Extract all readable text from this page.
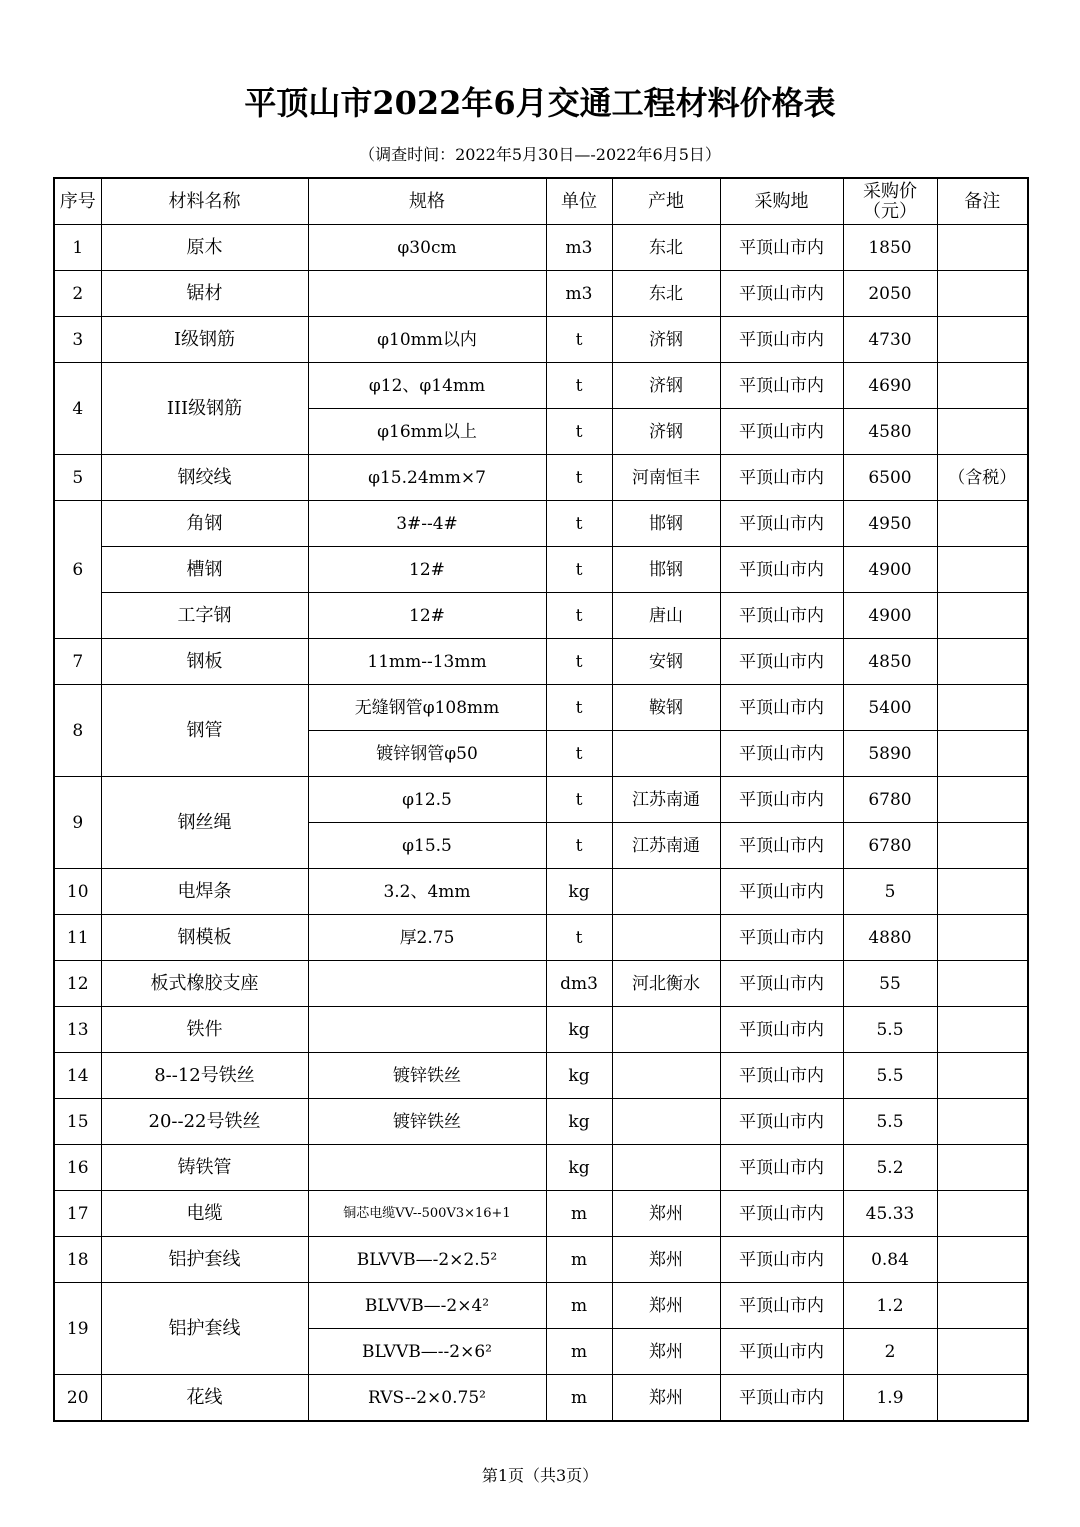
平顶山市2022年6月交通工程材料价格表
（调查时间：2022年5月30日—-2022年6月5日）
序号	材料名称	规格	单位	产地	采购地	采购价（元）	备注
1	原木	φ30cm	m3	东北	平顶山市内	1850	
2	锯材		m3	东北	平顶山市内	2050	
3	I级钢筋	φ10mm以内	t	济钢	平顶山市内	4730	
4	III级钢筋	φ12、φ14mm	t	济钢	平顶山市内	4690	
		φ16mm以上	t	济钢	平顶山市内	4580	
5	钢绞线	φ15.24mm×7	t	河南恒丰	平顶山市内	6500	（含税）
6	角钢	3#--4#	t	邯钢	平顶山市内	4950	
	槽钢	12#	t	邯钢	平顶山市内	4900	
	工字钢	12#	t	唐山	平顶山市内	4900	
7	钢板	11mm--13mm	t	安钢	平顶山市内	4850	
8	钢管	无缝钢管φ108mm	t	鞍钢	平顶山市内	5400	
		镀锌钢管φ50	t		平顶山市内	5890	
9	钢丝绳	φ12.5	t	江苏南通	平顶山市内	6780	
		φ15.5	t	江苏南通	平顶山市内	6780	
10	电焊条	3.2、4mm	kg		平顶山市内	5	
11	钢模板	厚2.75	t		平顶山市内	4880	
12	板式橡胶支座		dm3	河北衡水	平顶山市内	55	
13	铁件		kg		平顶山市内	5.5	
14	8--12号铁丝	镀锌铁丝	kg		平顶山市内	5.5	
15	20--22号铁丝	镀锌铁丝	kg		平顶山市内	5.5	
16	铸铁管		kg		平顶山市内	5.2	
17	电缆	铜芯电缆VV--500V3×16+1	m	郑州	平顶山市内	45.33	
18	铝护套线	BLVVB—-2×2.5²	m	郑州	平顶山市内	0.84	
19	铝护套线	BLVVB—-2×4²	m	郑州	平顶山市内	1.2	
		BLVVB—--2×6²	m	郑州	平顶山市内	2	
20	花线	RVS--2×0.75²	m	郑州	平顶山市内	1.9	
第1页（共3页）
